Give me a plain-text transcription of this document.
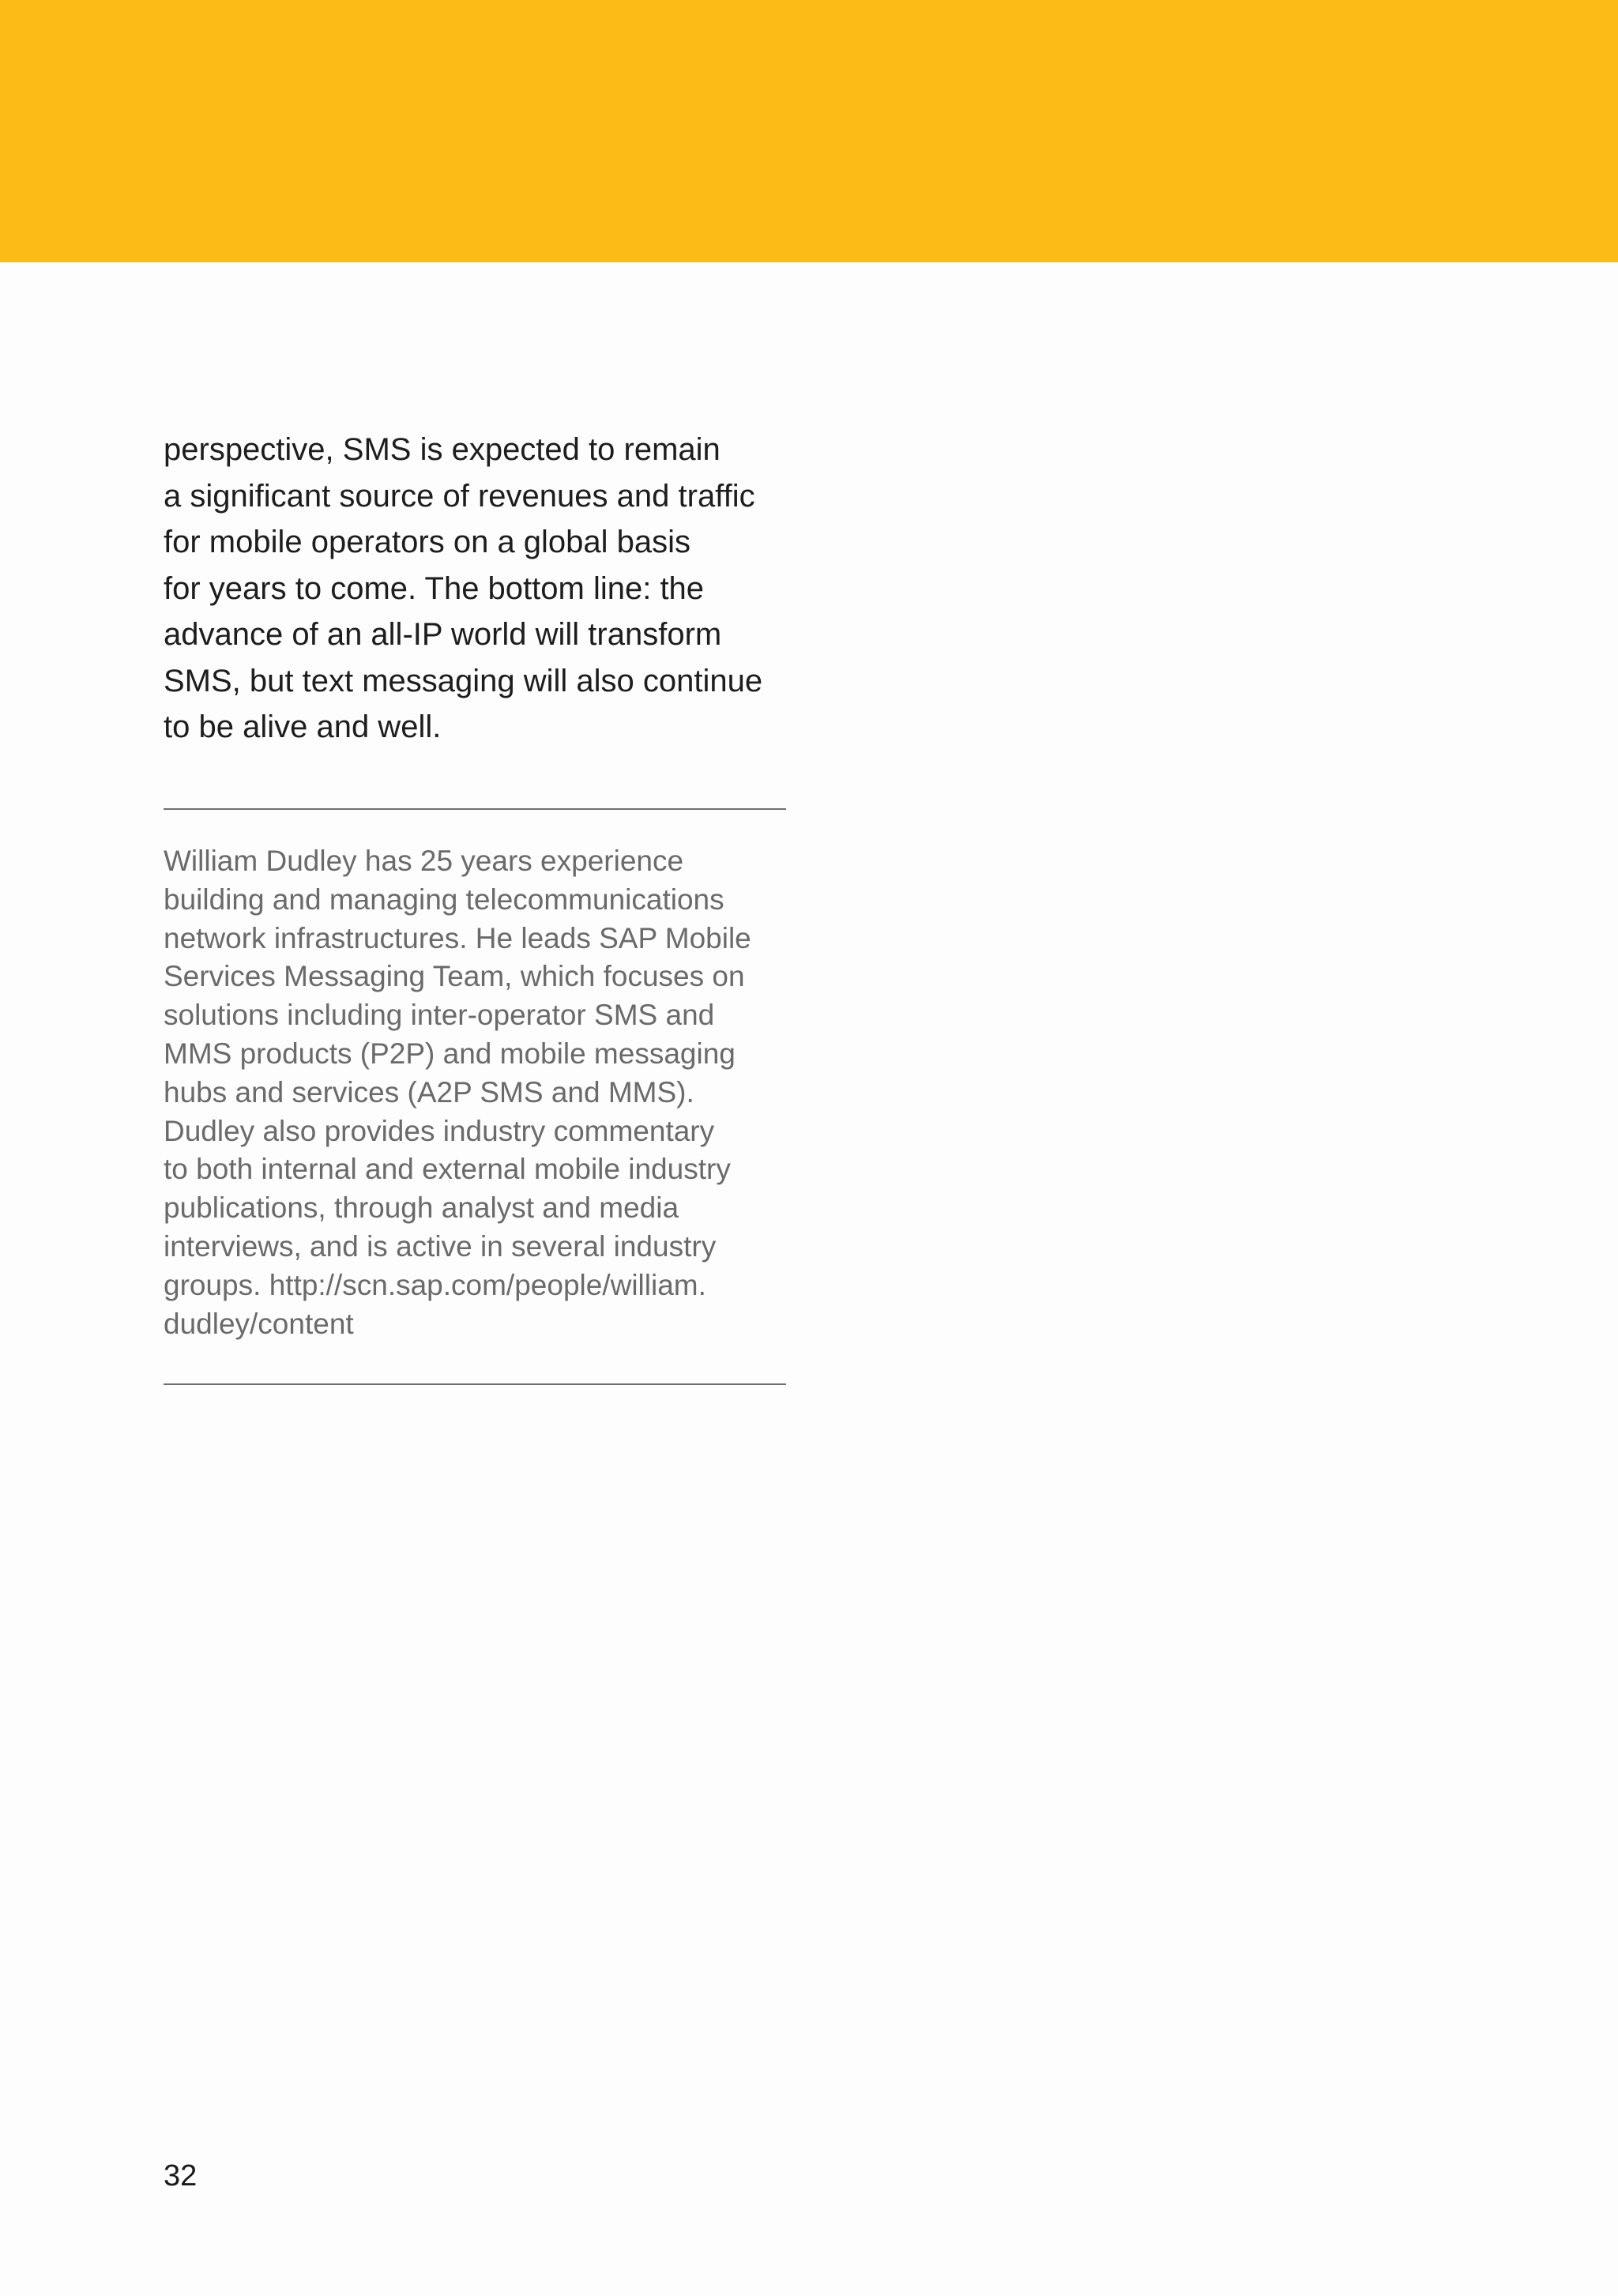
perspective, SMS is expected to remain
a significant source of revenues and traffic
for mobile operators on a global basis
for years to come. The bottom line: the
advance of an all-IP world will transform
SMS, but text messaging will also continue
to be alive and well.
William Dudley has 25 years experience
building and managing telecommunications
network infrastructures. He leads SAP Mobile
Services Messaging Team, which focuses on
solutions including inter-operator SMS and
MMS products (P2P) and mobile messaging
hubs and services (A2P SMS and MMS).
Dudley also provides industry commentary
to both internal and external mobile industry
publications, through analyst and media
interviews, and is active in several industry
groups. http://scn.sap.com/people/william.
dudley/content
32
